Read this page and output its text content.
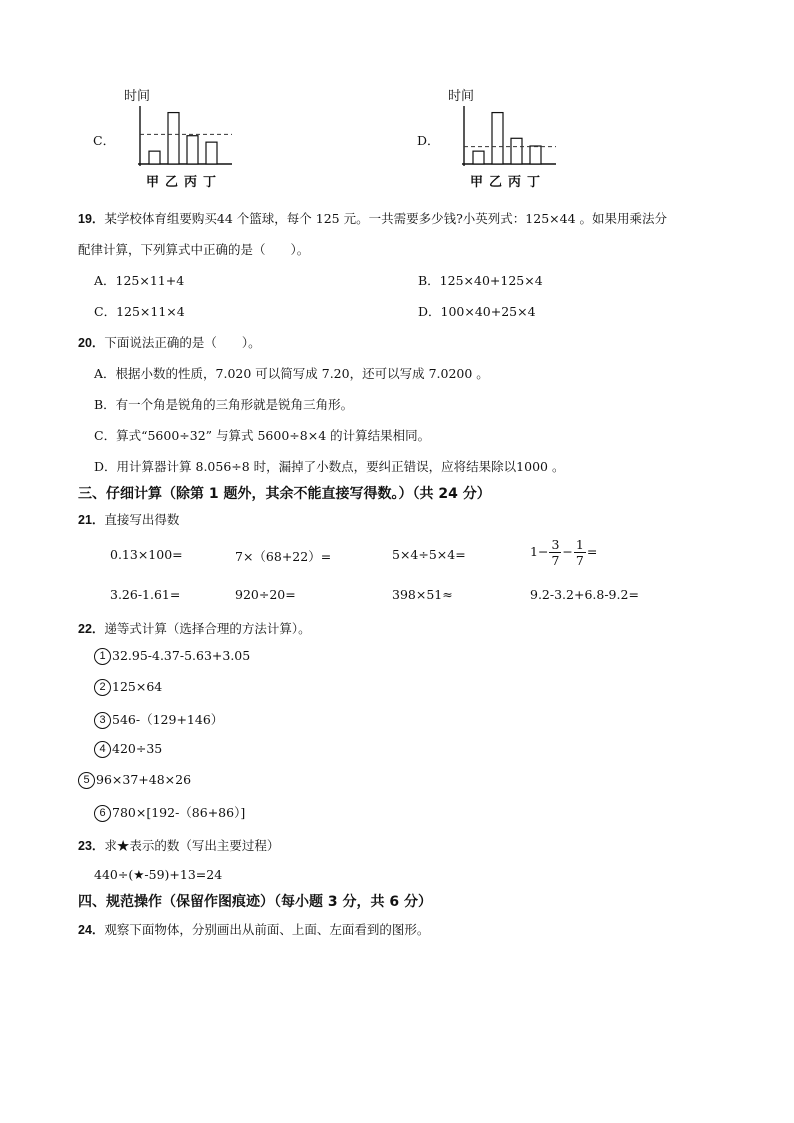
C．
时间
甲 乙 丙 丁
D．
时间
甲 乙 丙 丁
19．某学校体育组要购买44 个篮球，每个 125 元。一共需要多少钱?小英列式：125×44 。如果用乘法分
配律计算，下列算式中正确的是（　　）。
A．125×11+4	B．125×40+125×4
C．125×11×4	D．100×40+25×4
20．下面说法正确的是（　　）。
A．根据小数的性质，7.020 可以简写成 7.20，还可以写成 7.0200 。
B．有一个角是锐角的三角形就是锐角三角形。
C．算式“5600÷32” 与算式 5600÷8×4 的计算结果相同。
D．用计算器计算 8.056÷8 时，漏掉了小数点，要纠正错误，应将结果除以1000 。
三、仔细计算（除第 1 题外，其余不能直接写得数。）（共 24 分）
21．直接写出得数
0.13×100=	7×（68+22）=	5×4÷5×4=	$1- \frac{3}{7} - \frac{1}{7}$ =
3.26-1.61=	920÷20=	398×51≈	9.2-3.2+6.8-9.2=
22．递等式计算（选择合理的方法计算）。
1 32.95-4.37-5.63+3.05
2 125×64
3 546-（129+146）
4 420÷35
5 96×37+48×26
6 780×[192-（86+86）]
23．求★表示的数（写出主要过程）
440÷(★-59)+13=24
四、规范操作（保留作图痕迹）（每小题 3 分，共 6 分）
24．观察下面物体，分别画出从前面、上面、左面看到的图形。
